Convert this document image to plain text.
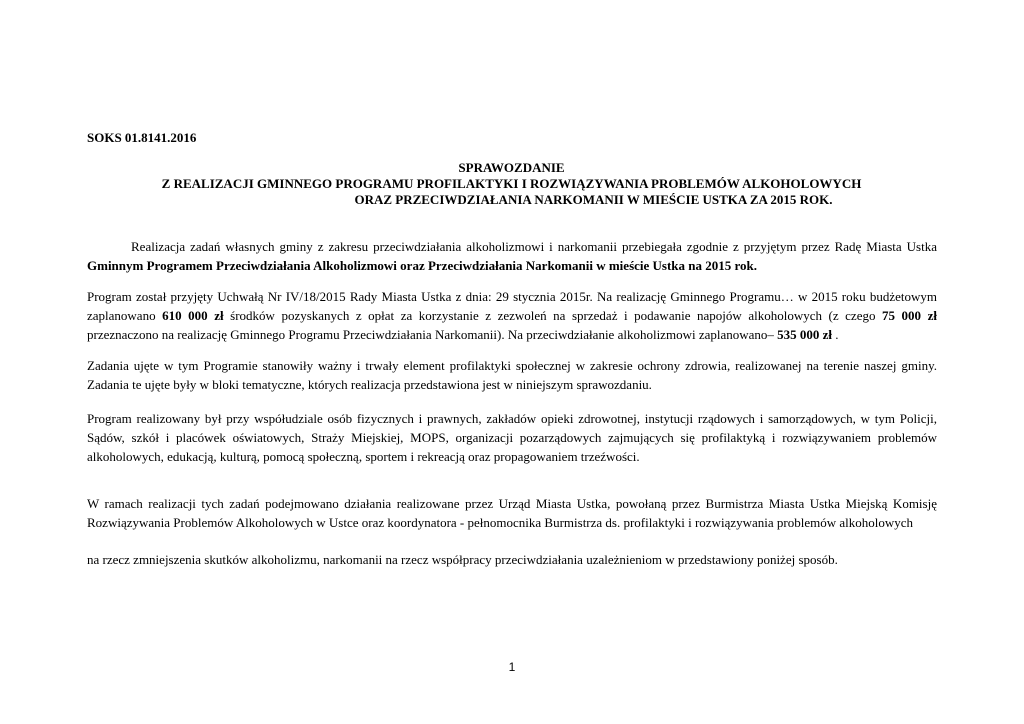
SOKS 01.8141.2016
SPRAWOZDANIE
Z REALIZACJI GMINNEGO PROGRAMU PROFILAKTYKI I ROZWIĄZYWANIA PROBLEMÓW ALKOHOLOWYCH
ORAZ PRZECIWDZIAŁANIA NARKOMANII W MIEŚCIE USTKA ZA 2015 ROK.
Realizacja zadań własnych gminy z zakresu przeciwdziałania alkoholizmowi i narkomanii przebiegała zgodnie z przyjętym przez Radę Miasta Ustka Gminnym Programem Przeciwdziałania Alkoholizmowi oraz Przeciwdziałania Narkomanii w mieście Ustka na 2015 rok.
Program został przyjęty Uchwałą Nr IV/18/2015 Rady Miasta Ustka z dnia: 29 stycznia 2015r. Na realizację Gminnego Programu… w 2015 roku budżetowym zaplanowano 610 000 zł środków pozyskanych z opłat za korzystanie z zezwoleń na sprzedaż i podawanie napojów alkoholowych (z czego 75 000 zł przeznaczono na realizację Gminnego Programu Przeciwdziałania Narkomanii). Na przeciwdziałanie alkoholizmowi zaplanowano– 535 000 zł .
Zadania ujęte w tym Programie stanowiły ważny i trwały element profilaktyki społecznej w zakresie ochrony zdrowia, realizowanej na terenie naszej gminy. Zadania te ujęte były w bloki tematyczne, których realizacja przedstawiona jest w niniejszym sprawozdaniu.
Program realizowany był przy współudziale osób fizycznych i prawnych, zakładów opieki zdrowotnej, instytucji rządowych i samorządowych, w tym Policji, Sądów, szkół i placówek oświatowych, Straży Miejskiej, MOPS, organizacji pozarządowych zajmujących się profilaktyką i rozwiązywaniem problemów alkoholowych, edukacją, kulturą, pomocą społeczną, sportem i rekreacją oraz propagowaniem trzeźwości.
W ramach realizacji tych zadań podejmowano działania realizowane przez Urząd Miasta Ustka, powołaną przez Burmistrza Miasta Ustka Miejską Komisję Rozwiązywania Problemów Alkoholowych w Ustce oraz koordynatora - pełnomocnika Burmistrza ds. profilaktyki i rozwiązywania problemów alkoholowych
na rzecz zmniejszenia skutków alkoholizmu, narkomanii na rzecz współpracy przeciwdziałania uzależnieniom w przedstawiony poniżej sposób.
1
